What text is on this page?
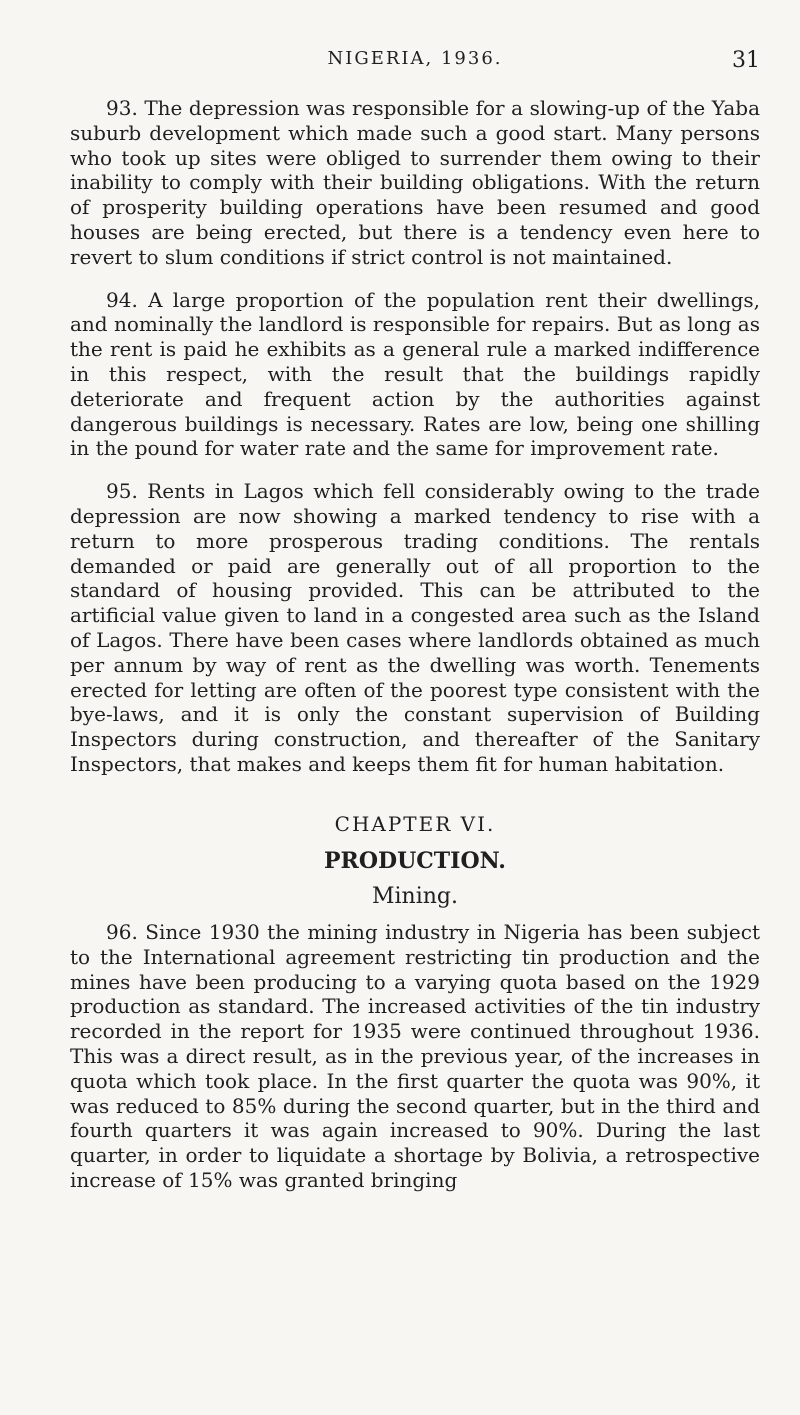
NIGERIA, 1936.	31

93. The depression was responsible for a slowing-up of the Yaba suburb development which made such a good start. Many persons who took up sites were obliged to surrender them owing to their inability to comply with their building obligations. With the return of prosperity building operations have been resumed and good houses are being erected, but there is a tendency even here to revert to slum conditions if strict control is not maintained.

94. A large proportion of the population rent their dwellings, and nominally the landlord is responsible for repairs. But as long as the rent is paid he exhibits as a general rule a marked indifference in this respect, with the result that the buildings rapidly deteriorate and frequent action by the authorities against dangerous buildings is necessary. Rates are low, being one shilling in the pound for water rate and the same for improvement rate.

95. Rents in Lagos which fell considerably owing to the trade depression are now showing a marked tendency to rise with a return to more prosperous trading conditions. The rentals demanded or paid are generally out of all proportion to the standard of housing provided. This can be attributed to the artificial value given to land in a congested area such as the Island of Lagos. There have been cases where landlords obtained as much per annum by way of rent as the dwelling was worth. Tenements erected for letting are often of the poorest type consistent with the bye-laws, and it is only the constant supervision of Building Inspectors during construction, and thereafter of the Sanitary Inspectors, that makes and keeps them fit for human habitation.

CHAPTER VI.
PRODUCTION.
Mining.

96. Since 1930 the mining industry in Nigeria has been subject to the International agreement restricting tin production and the mines have been producing to a varying quota based on the 1929 production as standard. The increased activities of the tin industry recorded in the report for 1935 were continued throughout 1936. This was a direct result, as in the previous year, of the increases in quota which took place. In the first quarter the quota was 90%, it was reduced to 85% during the second quarter, but in the third and fourth quarters it was again increased to 90%. During the last quarter, in order to liquidate a shortage by Bolivia, a retrospective increase of 15% was granted bringing
